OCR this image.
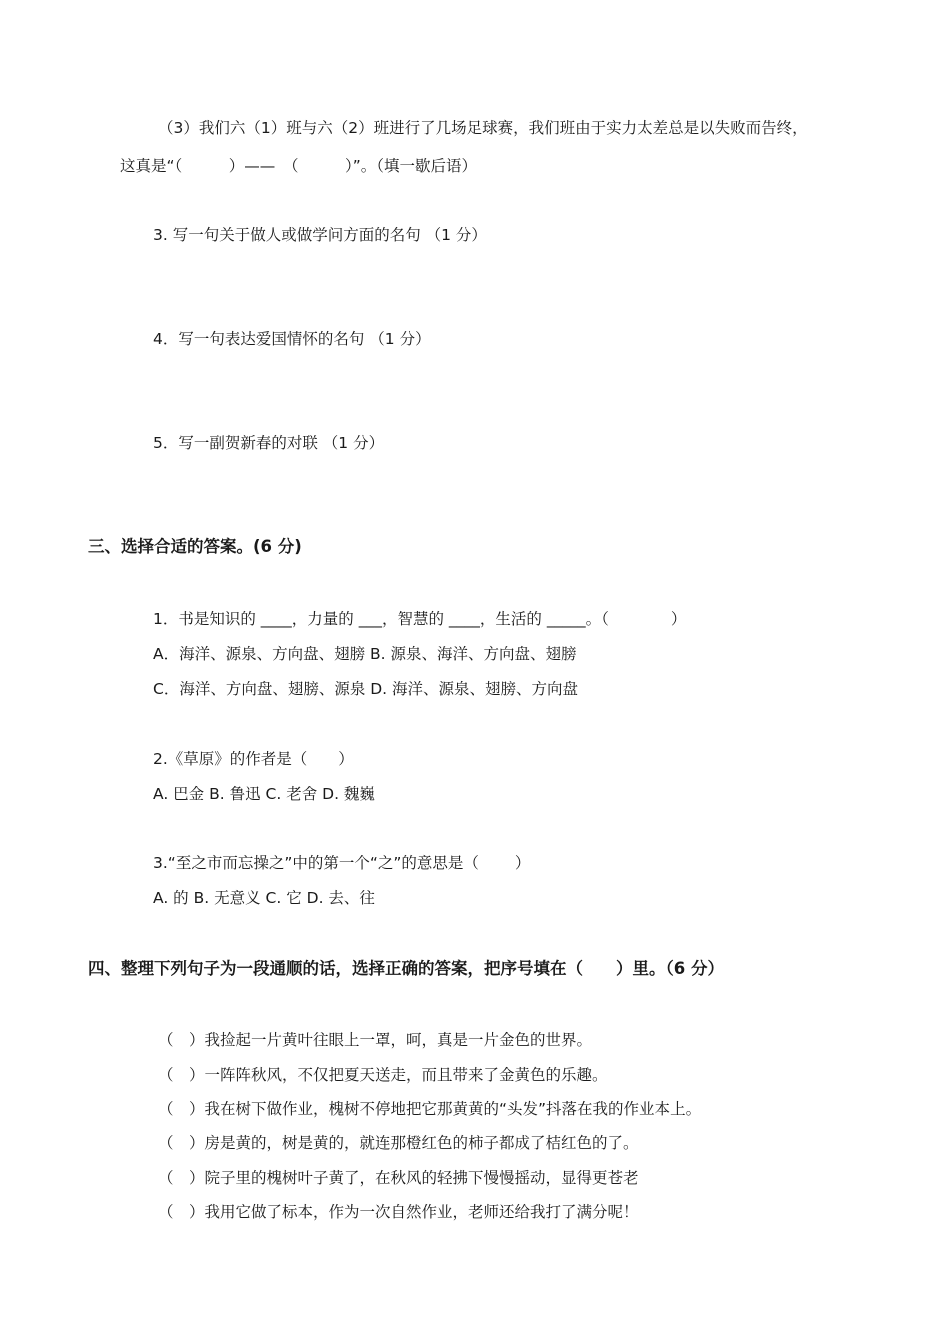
（3）我们六（1）班与六（2）班进行了几场足球赛，我们班由于实力太差总是以失败而告终，
这真是“（　　　）——　（　　　）”。（填一歇后语）
3. 写一句关于做人或做学问方面的名句 （1 分）
4．写一句表达爱国情怀的名句 （1 分）
5．写一副贺新春的对联 （1 分）
三、选择合适的答案。(6 分)
1．书是知识的 ____，力量的 ___，智慧的 ____，生活的 _____。（　　　　）
A．海洋、源泉、方向盘、翅膀 B. 源泉、海洋、方向盘、翅膀
C．海洋、方向盘、翅膀、源泉 D. 海洋、源泉、翅膀、方向盘
2.《草原》的作者是（　　）
A. 巴金 B. 鲁迅 C. 老舍 D. 魏巍
3.“至之市而忘操之”中的第一个“之”的意思是（　　 ）
A. 的 B. 无意义 C. 它 D. 去、往
四、整理下列句子为一段通顺的话，选择正确的答案，把序号填在（　　）里。（6 分）
（　）我捡起一片黄叶往眼上一罩，呵，真是一片金色的世界。
（　）一阵阵秋风，不仅把夏天送走，而且带来了金黄色的乐趣。
（　）我在树下做作业，槐树不停地把它那黄黄的“头发”抖落在我的作业本上。
（　）房是黄的，树是黄的，就连那橙红色的柿子都成了桔红色的了。
（　）院子里的槐树叶子黄了，在秋风的轻拂下慢慢摇动，显得更苍老
（　）我用它做了标本，作为一次自然作业，老师还给我打了满分呢！
